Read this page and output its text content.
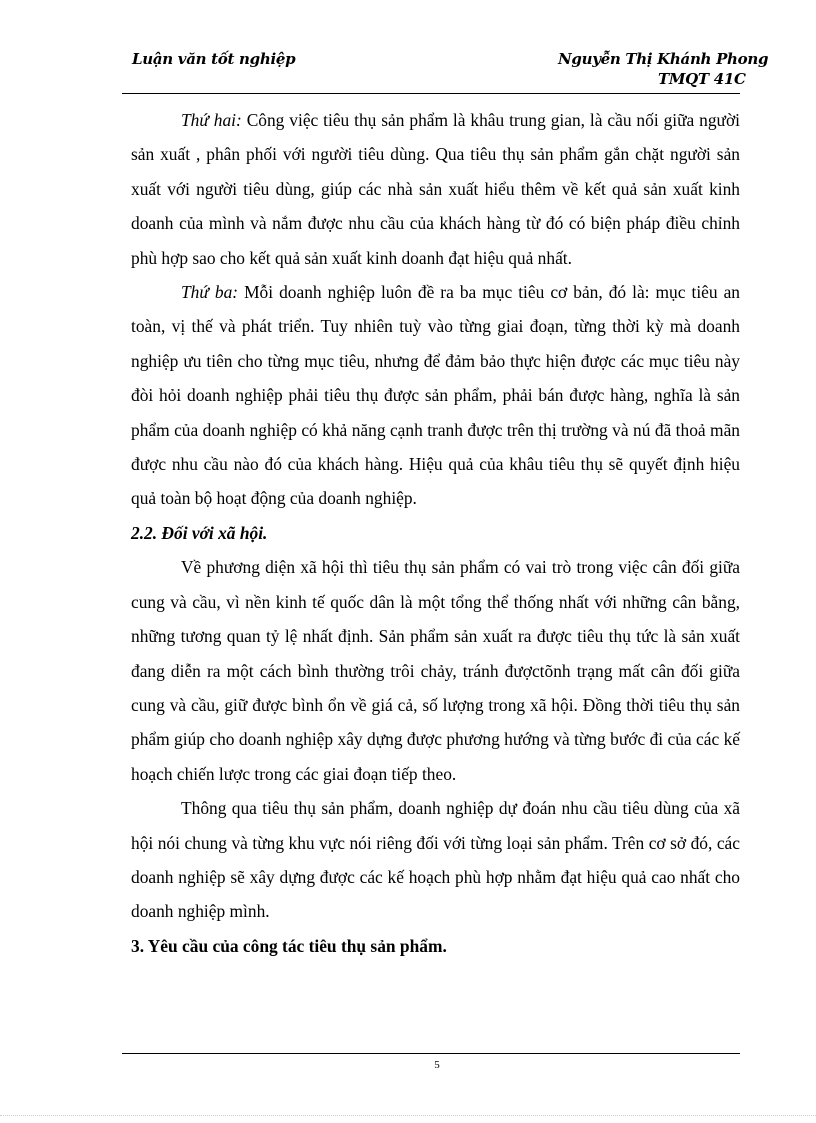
Luận văn tốt nghiệp	Nguyễn Thị Khánh Phong
TMQT 41C

Thứ hai: Công việc tiêu thụ sản phẩm là khâu trung gian, là cầu nối giữa người sản xuất , phân phối với người tiêu dùng. Qua tiêu thụ sản phẩm gắn chặt người sản xuất với người tiêu dùng, giúp các nhà sản xuất hiểu thêm về kết quả sản xuất kinh doanh của mình và nắm được nhu cầu của khách hàng từ đó có biện pháp điều chỉnh phù hợp sao cho kết quả sản xuất kinh doanh đạt hiệu quả nhất.

Thứ ba: Mỗi doanh nghiệp luôn đề ra ba mục tiêu cơ bản, đó là: mục tiêu an toàn, vị thế và phát triển. Tuy nhiên tuỳ vào từng giai đoạn, từng thời kỳ mà doanh nghiệp ưu tiên cho từng mục tiêu, nhưng để đảm bảo thực hiện được các mục tiêu này đòi hỏi doanh nghiệp phải tiêu thụ được sản phẩm, phải bán được hàng, nghĩa là sản phẩm của doanh nghiệp có khả năng cạnh tranh được trên thị trường và nú đã thoả mãn được nhu cầu nào đó của khách hàng. Hiệu quả của khâu tiêu thụ sẽ quyết định hiệu quả toàn bộ hoạt động của doanh nghiệp.

2.2. Đối với xã hội.

Về phương diện xã hội thì tiêu thụ sản phẩm có vai trò trong việc cân đối giữa cung và cầu, vì nền kinh tế quốc dân là một tổng thể thống nhất với những cân bằng, những tương quan tỷ lệ nhất định. Sản phẩm sản xuất ra được tiêu thụ tức là sản xuất đang diễn ra một cách bình thường trôi chảy, tránh đượctõnh trạng mất cân đối giữa cung và cầu, giữ được bình ổn về giá cả, số lượng trong xã hội. Đồng thời tiêu thụ sản phẩm giúp cho doanh nghiệp xây dựng được phương hướng và từng bước đi của các kế hoạch chiến lược trong các giai đoạn tiếp theo.

Thông qua tiêu thụ sản phẩm, doanh nghiệp dự đoán nhu cầu tiêu dùng của xã hội nói chung và từng khu vực nói riêng đối với từng loại sản phẩm. Trên cơ sở đó, các doanh nghiệp sẽ xây dựng được các kế hoạch phù hợp nhằm đạt hiệu quả cao nhất cho doanh nghiệp mình.

3. Yêu cầu của công tác tiêu thụ sản phẩm.
5
